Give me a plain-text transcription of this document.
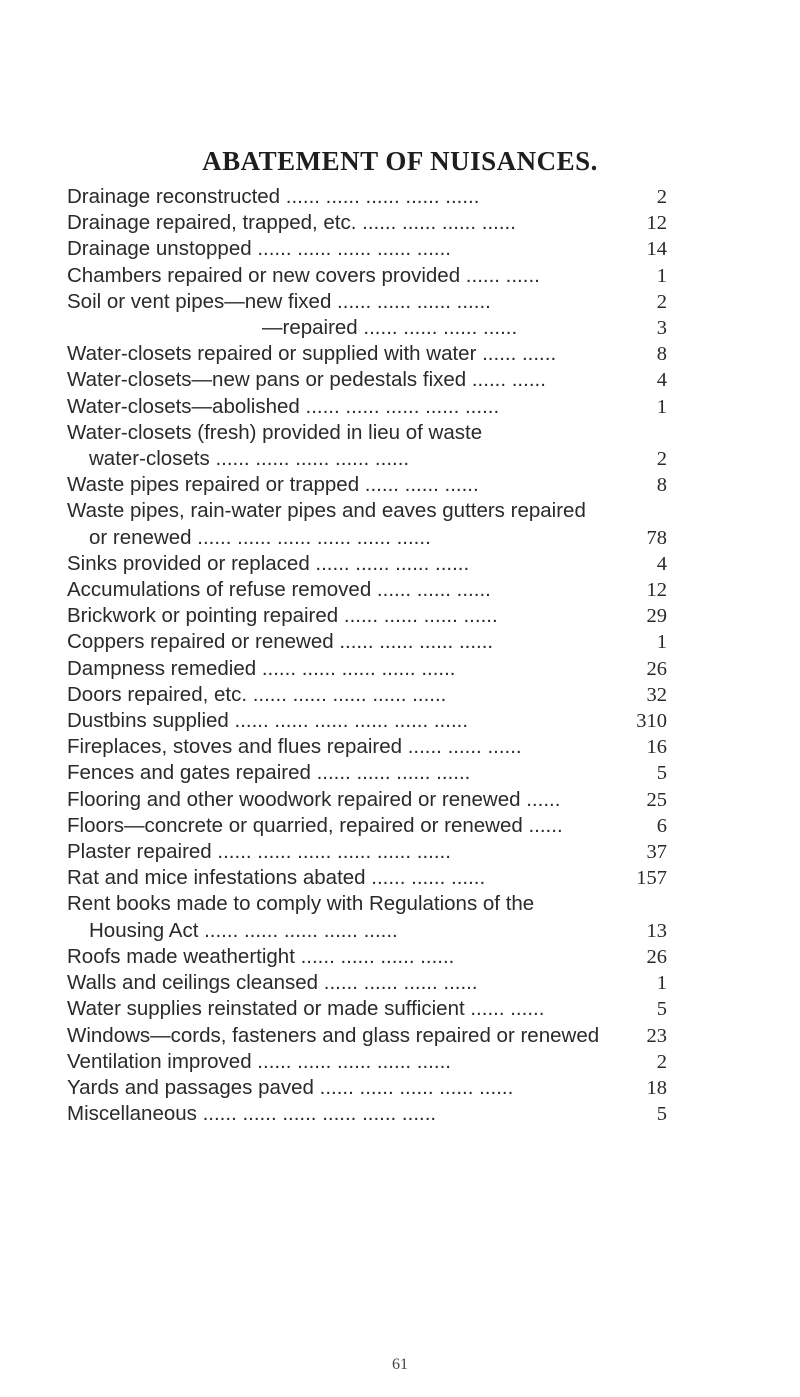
ABATEMENT OF NUISANCES.
Drainage reconstructed ...... ...... ...... ...... ......	2
Drainage repaired, trapped, etc. ...... ...... ...... ......	12
Drainage unstopped ...... ...... ...... ...... ......	14
Chambers repaired or new covers provided ...... ......	1
Soil or vent pipes—new fixed ...... ...... ...... ......	2
—repaired ...... ...... ...... ......	3
Water-closets repaired or supplied with water ...... ......	8
Water-closets—new pans or pedestals fixed ...... ......	4
Water-closets—abolished ...... ...... ...... ...... ......	1
Water-closets (fresh) provided in lieu of waste
water-closets ...... ...... ...... ...... ......	2
Waste pipes repaired or trapped ...... ...... ......	8
Waste pipes, rain-water pipes and eaves gutters repaired
or renewed ...... ...... ...... ...... ...... ......	78
Sinks provided or replaced ...... ...... ...... ......	4
Accumulations of refuse removed ...... ...... ......	12
Brickwork or pointing repaired ...... ...... ...... ......	29
Coppers repaired or renewed ...... ...... ...... ......	1
Dampness remedied ...... ...... ...... ...... ......	26
Doors repaired, etc. ...... ...... ...... ...... ......	32
Dustbins supplied ...... ...... ...... ...... ...... ......	310
Fireplaces, stoves and flues repaired ...... ...... ......	16
Fences and gates repaired ...... ...... ...... ......	5
Flooring and other woodwork repaired or renewed ......	25
Floors—concrete or quarried, repaired or renewed ......	6
Plaster repaired ...... ...... ...... ...... ...... ......	37
Rat and mice infestations abated ...... ...... ......	157
Rent books made to comply with Regulations of the
Housing Act ...... ...... ...... ...... ......	13
Roofs made weathertight ...... ...... ...... ......	26
Walls and ceilings cleansed ...... ...... ...... ......	1
Water supplies reinstated or made sufficient ...... ......	5
Windows—cords, fasteners and glass repaired or renewed	23
Ventilation improved ...... ...... ...... ...... ......	2
Yards and passages paved ...... ...... ...... ...... ......	18
Miscellaneous ...... ...... ...... ...... ...... ......	5
61
